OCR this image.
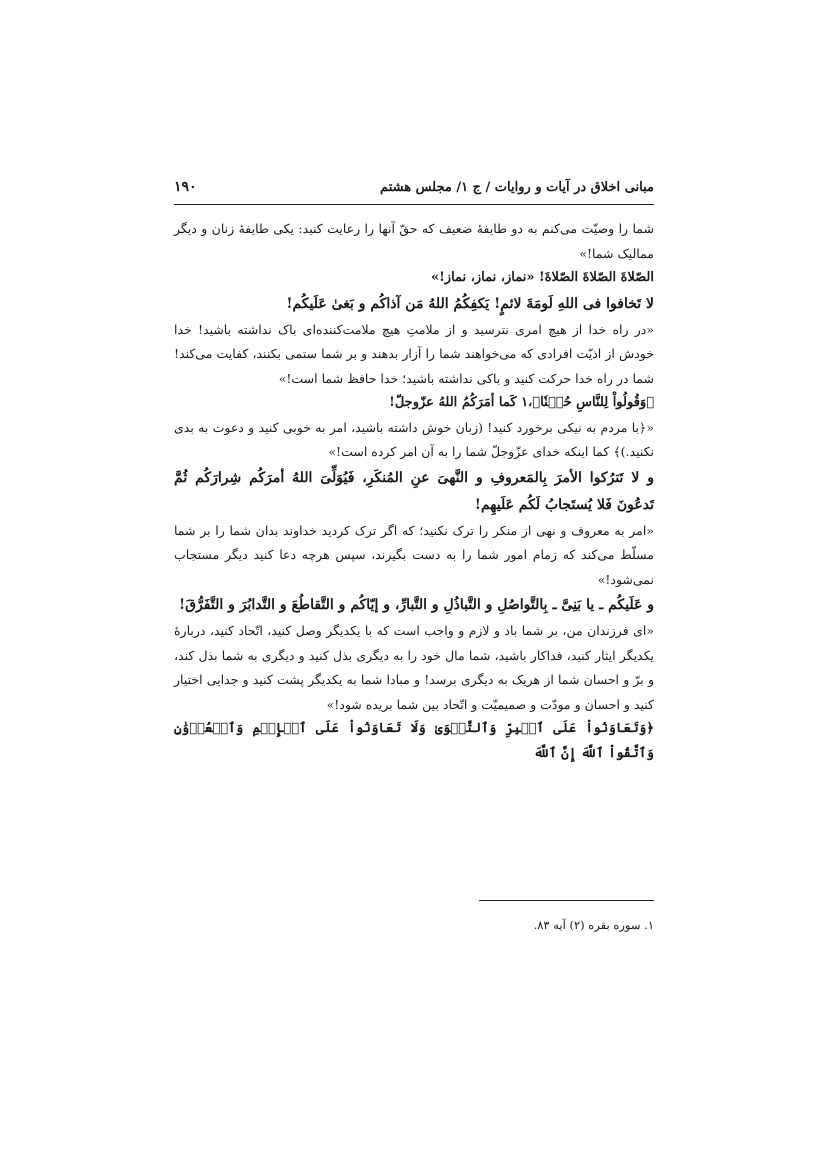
مبانی اخلاق در آیات و روایات / ج ۱/ مجلس هشتم
۱۹۰

شما را وصیّت می‌کنم به دو طایفهٔ ضعیف که حقّ آنها را رعایت کنید: یکی طایفهٔ زنان و دیگر ممالیک شما!»

الصّلاةَ الصّلاةَ الصّلاةَ! «نماز، نماز، نماز!»

لا تَخافوا فی اللهِ لَومَةَ لائمٍ! یَکفِکُمُ اللهُ مَن آذاکُم و بَغیٰ عَلَیکُم!

«در راه خدا از هیچ امری نترسید و از ملامتِ هیچ ملامت‌کننده‌ای باک نداشته باشید! خدا خودش از اذیّت افرادی که می‌خواهند شما را آزار بدهند و بر شما ستمی بکنند، کفایت می‌کند! شما در راه خدا حرکت کنید و باکی نداشته باشید؛ خدا حافظ شما است!»

﴿وَقُولُواْ لِلنَّاسِ حُسۡنٗا﴾،١ کَما أمَرَکُمُ اللهُ عزّوجلّ!

«﴿با مردم به نیکی برخورد کنید! (زبان خوش داشته باشید، امر به خوبی کنید و دعوت به بدی نکنید.)﴾ کما اینکه خدای عزّوجلّ شما را به آن امر کرده است!»

و لا تَترُکوا الأمرَ بِالمَعروفِ و النَّهیَ عنِ المُنکَرِ، فَیُوَلِّیَ اللهُ أمرَکُم شِرارَکُم ثُمَّ تَدعُونَ فَلا یُستَجابُ لَکُم عَلَیهِم!

«امر به معروف و نهی از منکر را ترک نکنید؛ که اگر ترک کردید خداوند بدان شما را بر شما مسلّط می‌کند که زمام امور شما را به دست بگیرند، سپس هرچه دعا کنید دیگر مستجاب نمی‌شود!»

و عَلَیکُم ـ یا بَنِیَّ ـ بِالتَّواصُلِ و التَّباذُلِ و التَّبارِّ، و إیّاکُم و التَّقاطُعَ و التَّدابُرَ و التَّفَرُّقَ!

«ای فرزندان من، بر شما باد و لازم و واجب است که با یکدیگر وصل کنید، اتّحاد کنید، دربارهٔ یکدیگر ایثار کنید، فداکار باشید، شما مال خود را به دیگری بذل کنید و دیگری به شما بذل کند، و برّ و احسان شما از هریک به دیگری برسد! و مبادا شما به یکدیگر پشت کنید و جدایی اختیار کنید و احسان و مودّت و صمیمیّت و اتّحاد بین شما بریده شود!»

﴿وَتَعَاوَنُواْ عَلَى ٱلۡبِرِّ وَٱلتَّقۡوَىٰ وَلَا تَعَاوَنُواْ عَلَى ٱلۡإِثۡمِ وَٱلۡعُدۡوَٰنِ وَٱتَّقُواْ ٱللَّهَ إِنَّ ٱللَّهَ

۱. سوره بقره (۲) آیه ۸۳.
